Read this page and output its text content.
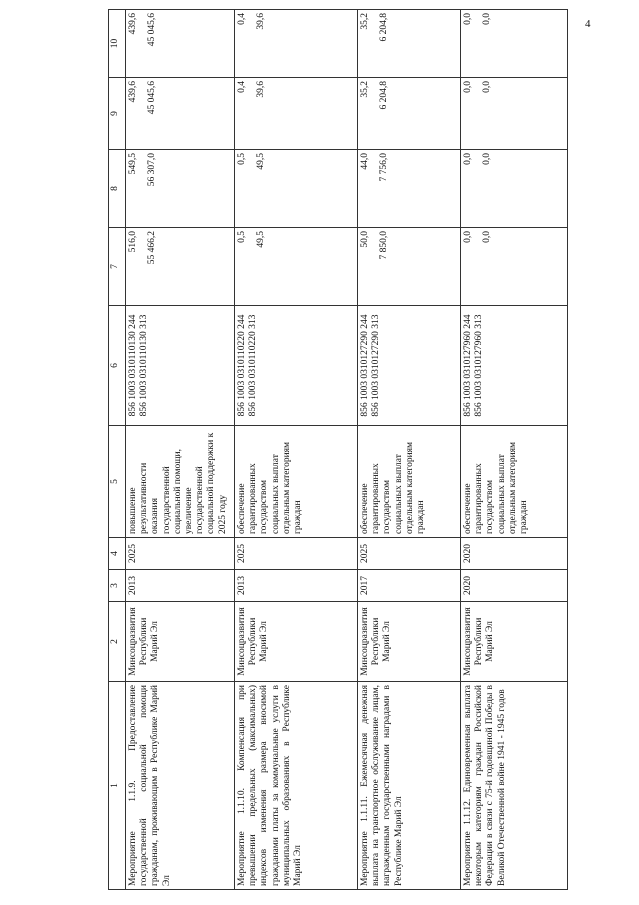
4
1	2	3	4	5	6	7	8	9	10
Мероприятие 1.1.9. Предоставление государственной социальной помощи гражданам, проживающим в Республике Марий Эл	Минсоцразвития Республики Марий Эл	2013	2025	повышение результативности оказания государственной социальной помощи, увеличение государственной социальной поддержки к 2025 году	856 1003 0310110130 244 856 1003 0310110130 313	516,0 55 466,2	549,5 56 307,0	439,6 45 045,6	439,6 45 045,6

Мероприятие 1.1.10. Компенсация при превышении предельных (максимальных) индексов изменения размера вносимой гражданами платы за коммунальные услуги в муниципальных образованиях в Республике Марий Эл	Минсоцразвития Республики Марий Эл	2013	2025	обеспечение гарантированных государством социальных выплат отдельным категориям граждан	856 1003 0310110220 244 856 1003 0310110220 313	0,5 49,5	0,5 49,5	0,4 39,6	0,4 39,6

Мероприятие 1.1.11. Ежемесячная денежная выплата на транспортное обслуживание лицам, награжденным государственными наградами в Республике Марий Эл	Минсоцразвития Республики Марий Эл	2017	2025	обеспечение гарантированных государством социальных выплат отдельным категориям граждан	856 1003 0310127290 244 856 1003 0310127290 313	50,0 7 850,0	44,0 7 756,0	35,2 6 204,8	35,2 6 204,8

Мероприятие 1.1.12. Единовременная выплата некоторым категориям граждан Российской Федерации в связи с 75-й годовщиной Победы в Великой Отечественной войне 1941 - 1945 годов	Минсоцразвития Республики Марий Эл	2020	2020	обеспечение гарантированных государством социальных выплат отдельным категориям граждан	856 1003 0310127960 244 856 1003 0310127960 313	0,0 0,0	0,0 0,0	0,0 0,0	0,0 0,0
